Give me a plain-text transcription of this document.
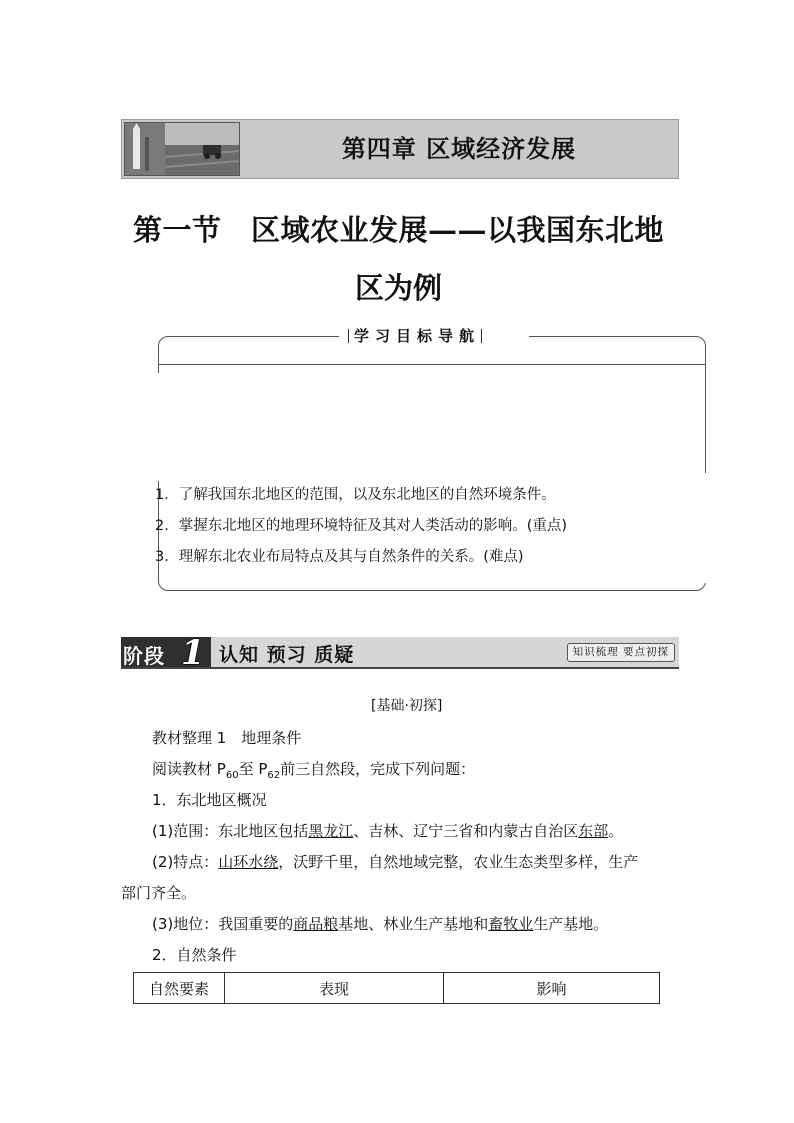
第四章 区域经济发展
第一节　区域农业发展——以我国东北地
区为例
学习目标导航
1．了解我国东北地区的范围，以及东北地区的自然环境条件。
2．掌握东北地区的地理环境特征及其对人类活动的影响。(重点)
3．理解东北农业布局特点及其与自然条件的关系。(难点)
阶段 1 认知 预习 质疑	知识梳理 要点初探
[基础·初探]
教材整理 1　地理条件
阅读教材 $P_{60}$至 $P_{62}$前三自然段，完成下列问题：
1．东北地区概况
(1)范围：东北地区包括黑龙江、吉林、辽宁三省和内蒙古自治区东部。
(2)特点：山环水绕，沃野千里，自然地域完整，农业生态类型多样，生产
部门齐全。
(3)地位：我国重要的商品粮基地、林业生产基地和畜牧业生产基地。
2．自然条件
自然要素	表现	影响
